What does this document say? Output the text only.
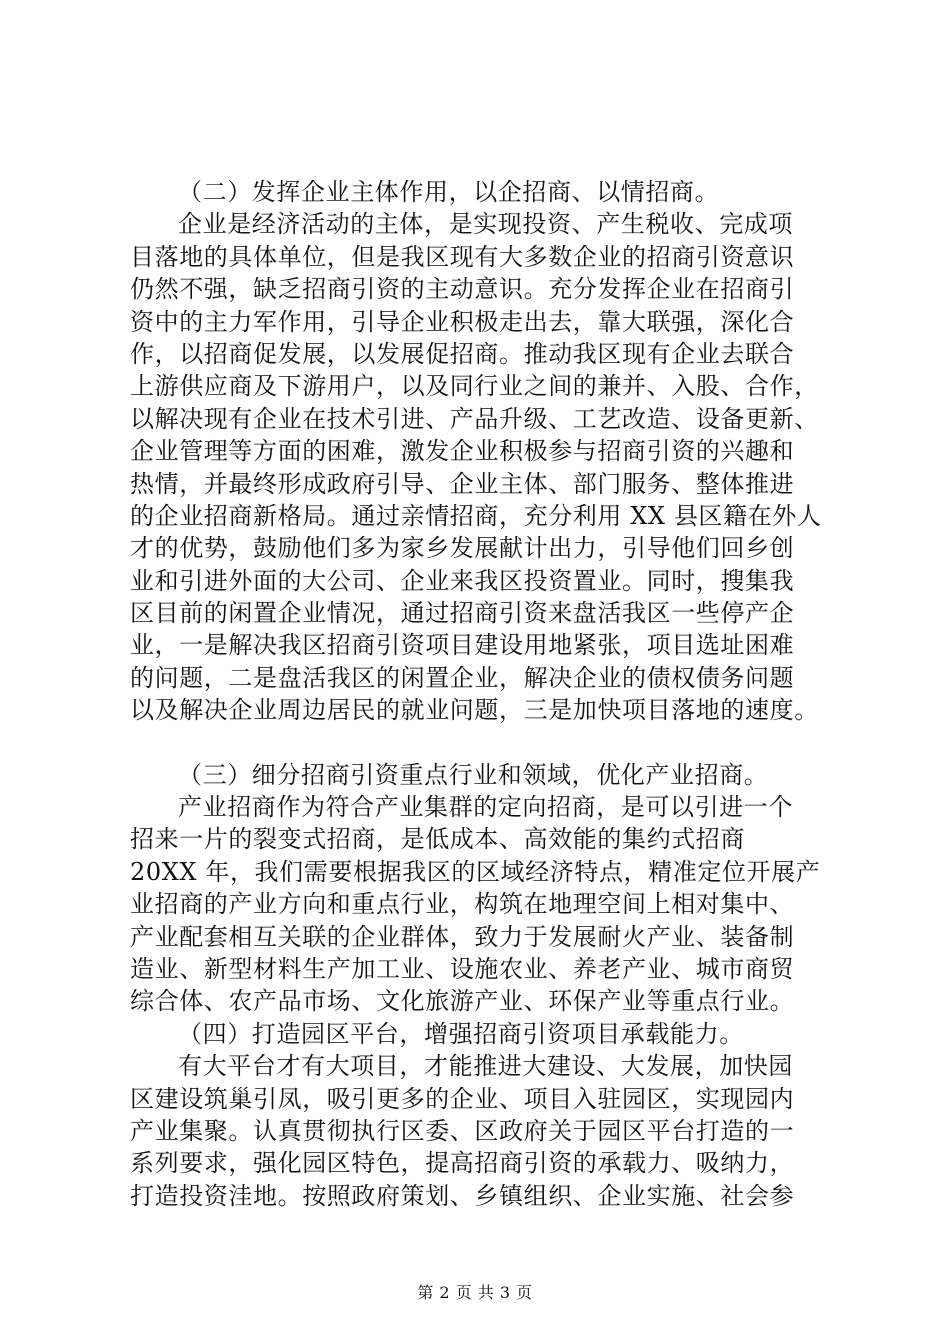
（二）发挥企业主体作用，以企招商、以情招商。
企业是经济活动的主体，是实现投资、产生税收、完成项
目落地的具体单位，但是我区现有大多数企业的招商引资意识
仍然不强，缺乏招商引资的主动意识。充分发挥企业在招商引
资中的主力军作用，引导企业积极走出去，靠大联强，深化合
作，以招商促发展，以发展促招商。推动我区现有企业去联合
上游供应商及下游用户，以及同行业之间的兼并、入股、合作，
以解决现有企业在技术引进、产品升级、工艺改造、设备更新、
企业管理等方面的困难，激发企业积极参与招商引资的兴趣和
热情，并最终形成政府引导、企业主体、部门服务、整体推进
的企业招商新格局。通过亲情招商，充分利用 XX 县区籍在外人
才的优势，鼓励他们多为家乡发展献计出力，引导他们回乡创
业和引进外面的大公司、企业来我区投资置业。同时，搜集我
区目前的闲置企业情况，通过招商引资来盘活我区一些停产企
业，一是解决我区招商引资项目建设用地紧张，项目选址困难
的问题，二是盘活我区的闲置企业，解决企业的债权债务问题
以及解决企业周边居民的就业问题，三是加快项目落地的速度。
（三）细分招商引资重点行业和领域，优化产业招商。
产业招商作为符合产业集群的定向招商，是可以引进一个
招来一片的裂变式招商，是低成本、高效能的集约式招商
20XX 年，我们需要根据我区的区域经济特点，精准定位开展产
业招商的产业方向和重点行业，构筑在地理空间上相对集中、
产业配套相互关联的企业群体，致力于发展耐火产业、装备制
造业、新型材料生产加工业、设施农业、养老产业、城市商贸
综合体、农产品市场、文化旅游产业、环保产业等重点行业。
（四）打造园区平台，增强招商引资项目承载能力。
有大平台才有大项目，才能推进大建设、大发展，加快园
区建设筑巢引凤，吸引更多的企业、项目入驻园区，实现园内
产业集聚。认真贯彻执行区委、区政府关于园区平台打造的一
系列要求，强化园区特色，提高招商引资的承载力、吸纳力，
打造投资洼地。按照政府策划、乡镇组织、企业实施、社会参
第 2 页 共 3 页
